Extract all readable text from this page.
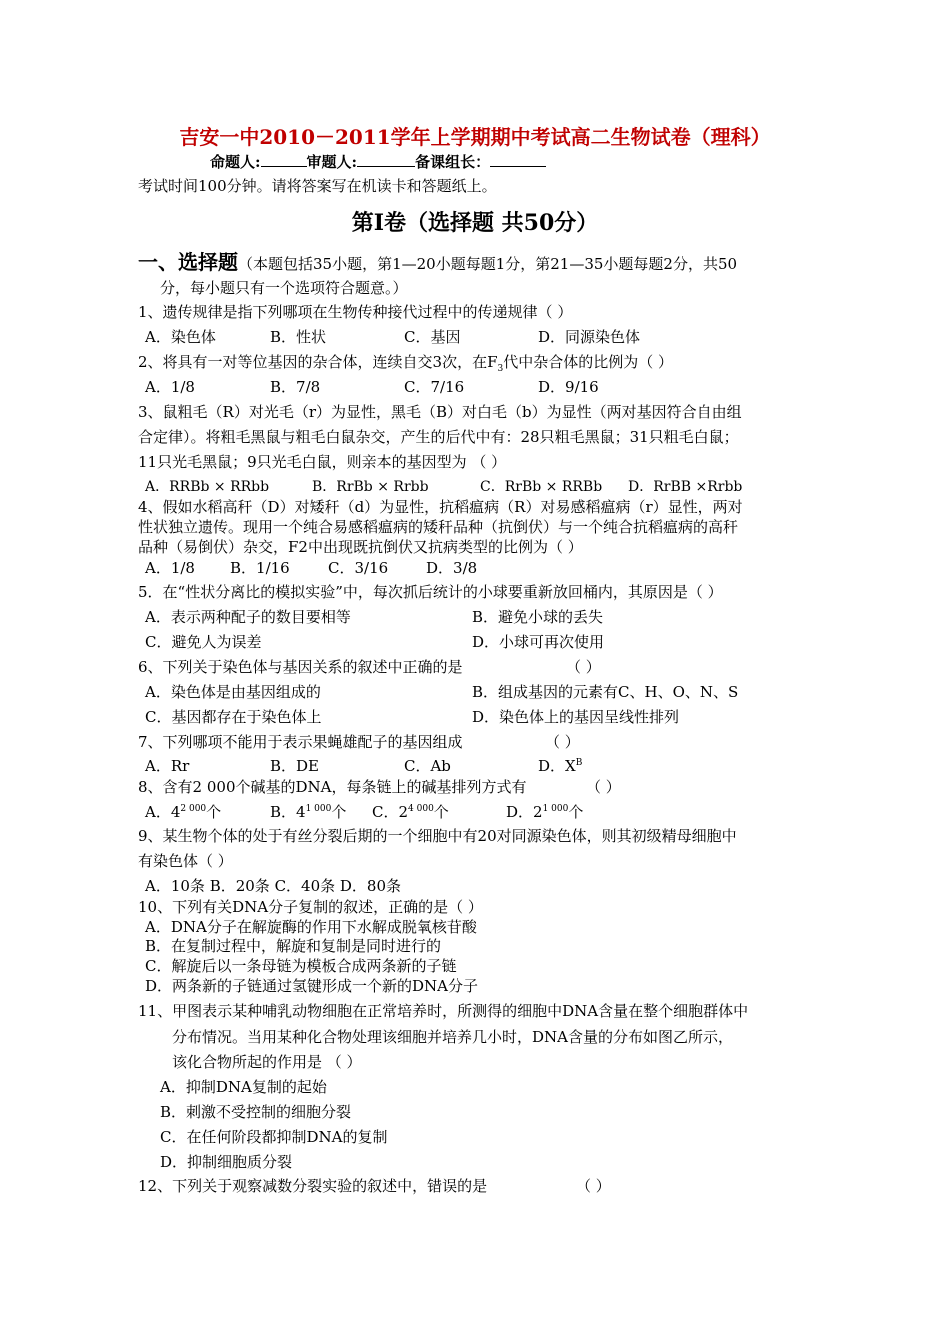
吉安一中2010－2011学年上学期期中考试高二生物试卷（理科）
命题人:	审题人:	备课组长：
考试时间100分钟。请将答案写在机读卡和答题纸上。
第Ⅰ卷（选择题 共50分）
一、选择题（本题包括35小题，第1—20小题每题1分，第21—35小题每题2分，共50
分，每小题只有一个选项符合题意。）
1、遗传规律是指下列哪项在生物传种接代过程中的传递规律（ ）
A．染色体	B．性状	C．基因	D．同源染色体
2、将具有一对等位基因的杂合体，连续自交3次，在$F_3$代中杂合体的比例为（ ）
A．1/8	B．7/8	C．7/16	D．9/16
3、鼠粗毛（R）对光毛（r）为显性，黑毛（B）对白毛（b）为显性（两对基因符合自由组
合定律）。将粗毛黑鼠与粗毛白鼠杂交，产生的后代中有：28只粗毛黑鼠；31只粗毛白鼠；
11只光毛黑鼠；9只光毛白鼠，则亲本的基因型为 （ ）
A．RRBb × RRbb	B．RrBb × Rrbb	C．RrBb × RRBb D．RrBB ×Rrbb
4、假如水稻高秆（D）对矮秆（d）为显性，抗稻瘟病（R）对易感稻瘟病（r）显性，两对
性状独立遗传。现用一个纯合易感稻瘟病的矮秆品种（抗倒伏）与一个纯合抗稻瘟病的高秆
品种（易倒伏）杂交，F2中出现既抗倒伏又抗病类型的比例为（ ）
A．1/8 B．1/16	C．3/16	D．3/8
5．在“性状分离比的模拟实验”中，每次抓后统计的小球要重新放回桶内，其原因是（ ）
A．表示两种配子的数目要相等	B．避免小球的丢失
C．避免人为误差	D．小球可再次使用
6、下列关于染色体与基因关系的叙述中正确的是	（ ）
A．染色体是由基因组成的	B．组成基因的元素有C、H、O、N、S
C．基因都存在于染色体上	D．染色体上的基因呈线性排列
7、下列哪项不能用于表示果蝇雄配子的基因组成	（ ）
A．Rr	B．DE	C．Ab	D．$X^B$
8、含有2 000个碱基的DNA，每条链上的碱基排列方式有	（ ）
A．$4^{2 000}$个	B．$4^{1 000}$个 C．$2^{4 000}$个	D．$2^{1 000}$个
9、某生物个体的处于有丝分裂后期的一个细胞中有20对同源染色体，则其初级精母细胞中
有染色体（ ）
A．10条 B．20条 C．40条 D．80条
10、下列有关DNA分子复制的叙述，正确的是（ ）
A．DNA分子在解旋酶的作用下水解成脱氧核苷酸
B．在复制过程中，解旋和复制是同时进行的
C．解旋后以一条母链为模板合成两条新的子链
D．两条新的子链通过氢键形成一个新的DNA分子
11、甲图表示某种哺乳动物细胞在正常培养时，所测得的细胞中DNA含量在整个细胞群体中
分布情况。当用某种化合物处理该细胞并培养几小时，DNA含量的分布如图乙所示，
该化合物所起的作用是 （ ）
A．抑制DNA复制的起始
B．刺激不受控制的细胞分裂
C．在任何阶段都抑制DNA的复制
D．抑制细胞质分裂
12、下列关于观察减数分裂实验的叙述中，错误的是	（ ）
